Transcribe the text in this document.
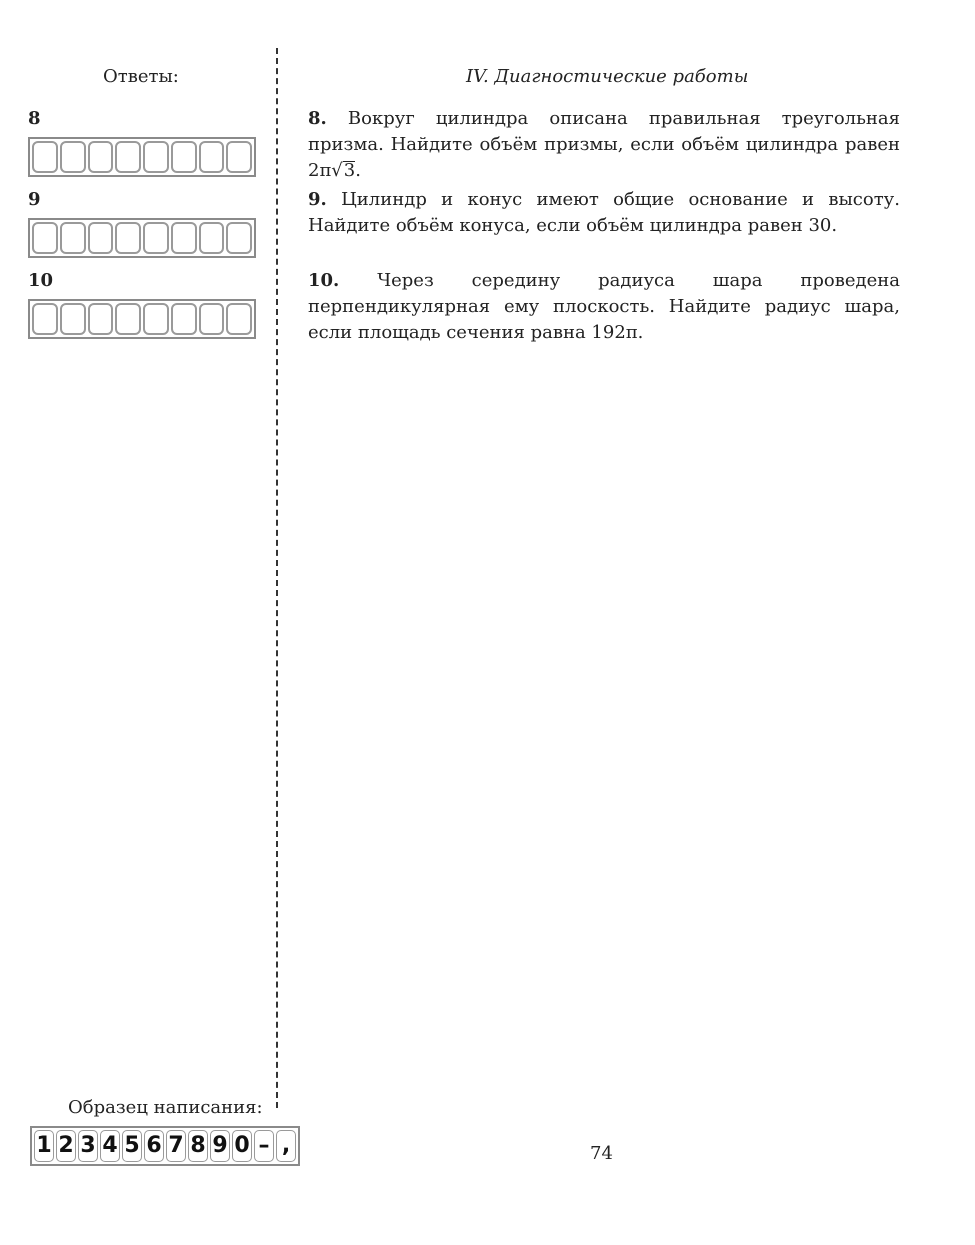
Ответы:
8
9
10
IV. Диагностические работы
8. Вокруг цилиндра описана правильная треугольная призма. Найдите объём призмы, если объём цилиндра равен 2π√3.
9. Цилиндр и конус имеют общие основание и высоту. Найдите объём конуса, если объём цилиндра равен 30.
10. Через середину радиуса шара проведена перпендикулярная ему плоскость. Найдите радиус шара, если площадь сечения равна 192π.
Образец написания:
1 2 3 4 5 6 7 8 9 0 – ,	74
